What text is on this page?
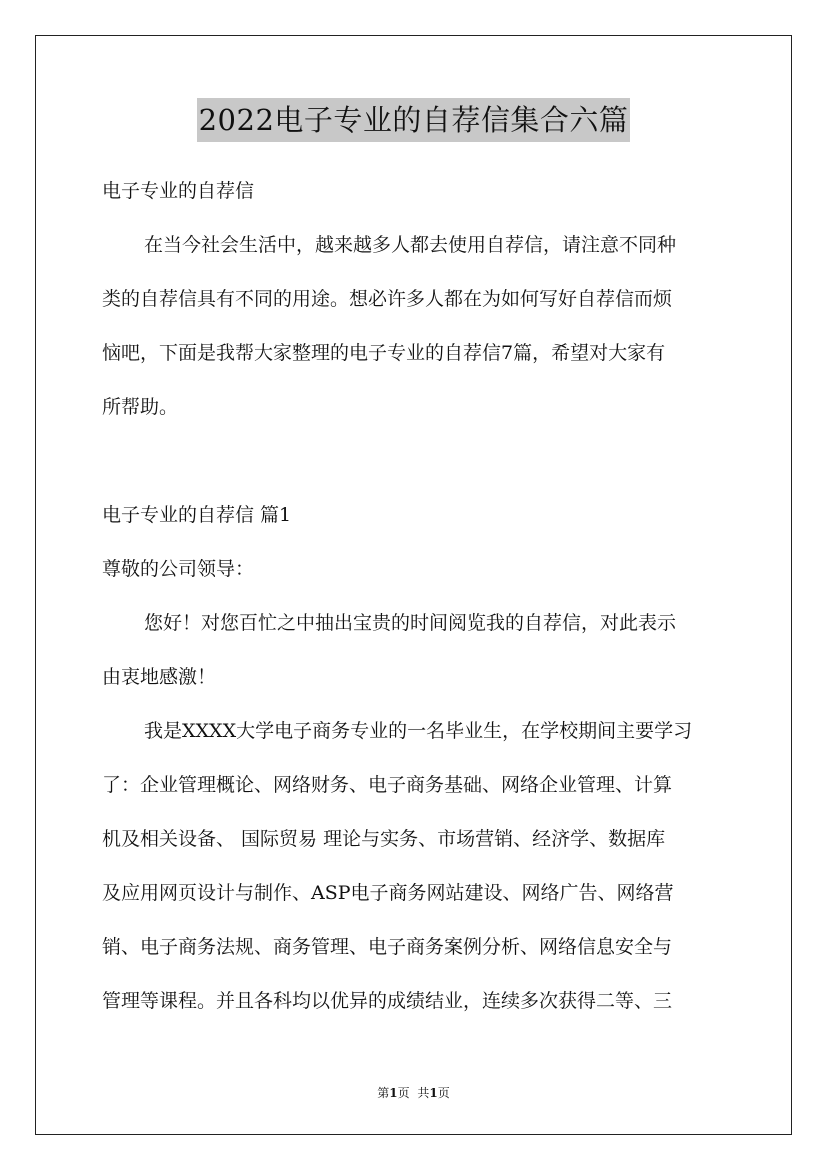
2022电子专业的自荐信集合六篇
电子专业的自荐信
在当今社会生活中，越来越多人都去使用自荐信，请注意不同种
类的自荐信具有不同的用途。想必许多人都在为如何写好自荐信而烦
恼吧，下面是我帮大家整理的电子专业的自荐信7篇，希望对大家有
所帮助。
电子专业的自荐信 篇1
尊敬的公司领导：
您好！对您百忙之中抽出宝贵的时间阅览我的自荐信，对此表示
由衷地感激！
我是XXXX大学电子商务专业的一名毕业生，在学校期间主要学习
了：企业管理概论、网络财务、电子商务基础、网络企业管理、计算
机及相关设备、 国际贸易 理论与实务、市场营销、经济学、数据库
及应用网页设计与制作、ASP电子商务网站建设、网络广告、网络营
销、电子商务法规、商务管理、电子商务案例分析、网络信息安全与
管理等课程。并且各科均以优异的成绩结业，连续多次获得二等、三
第1页 共1页
